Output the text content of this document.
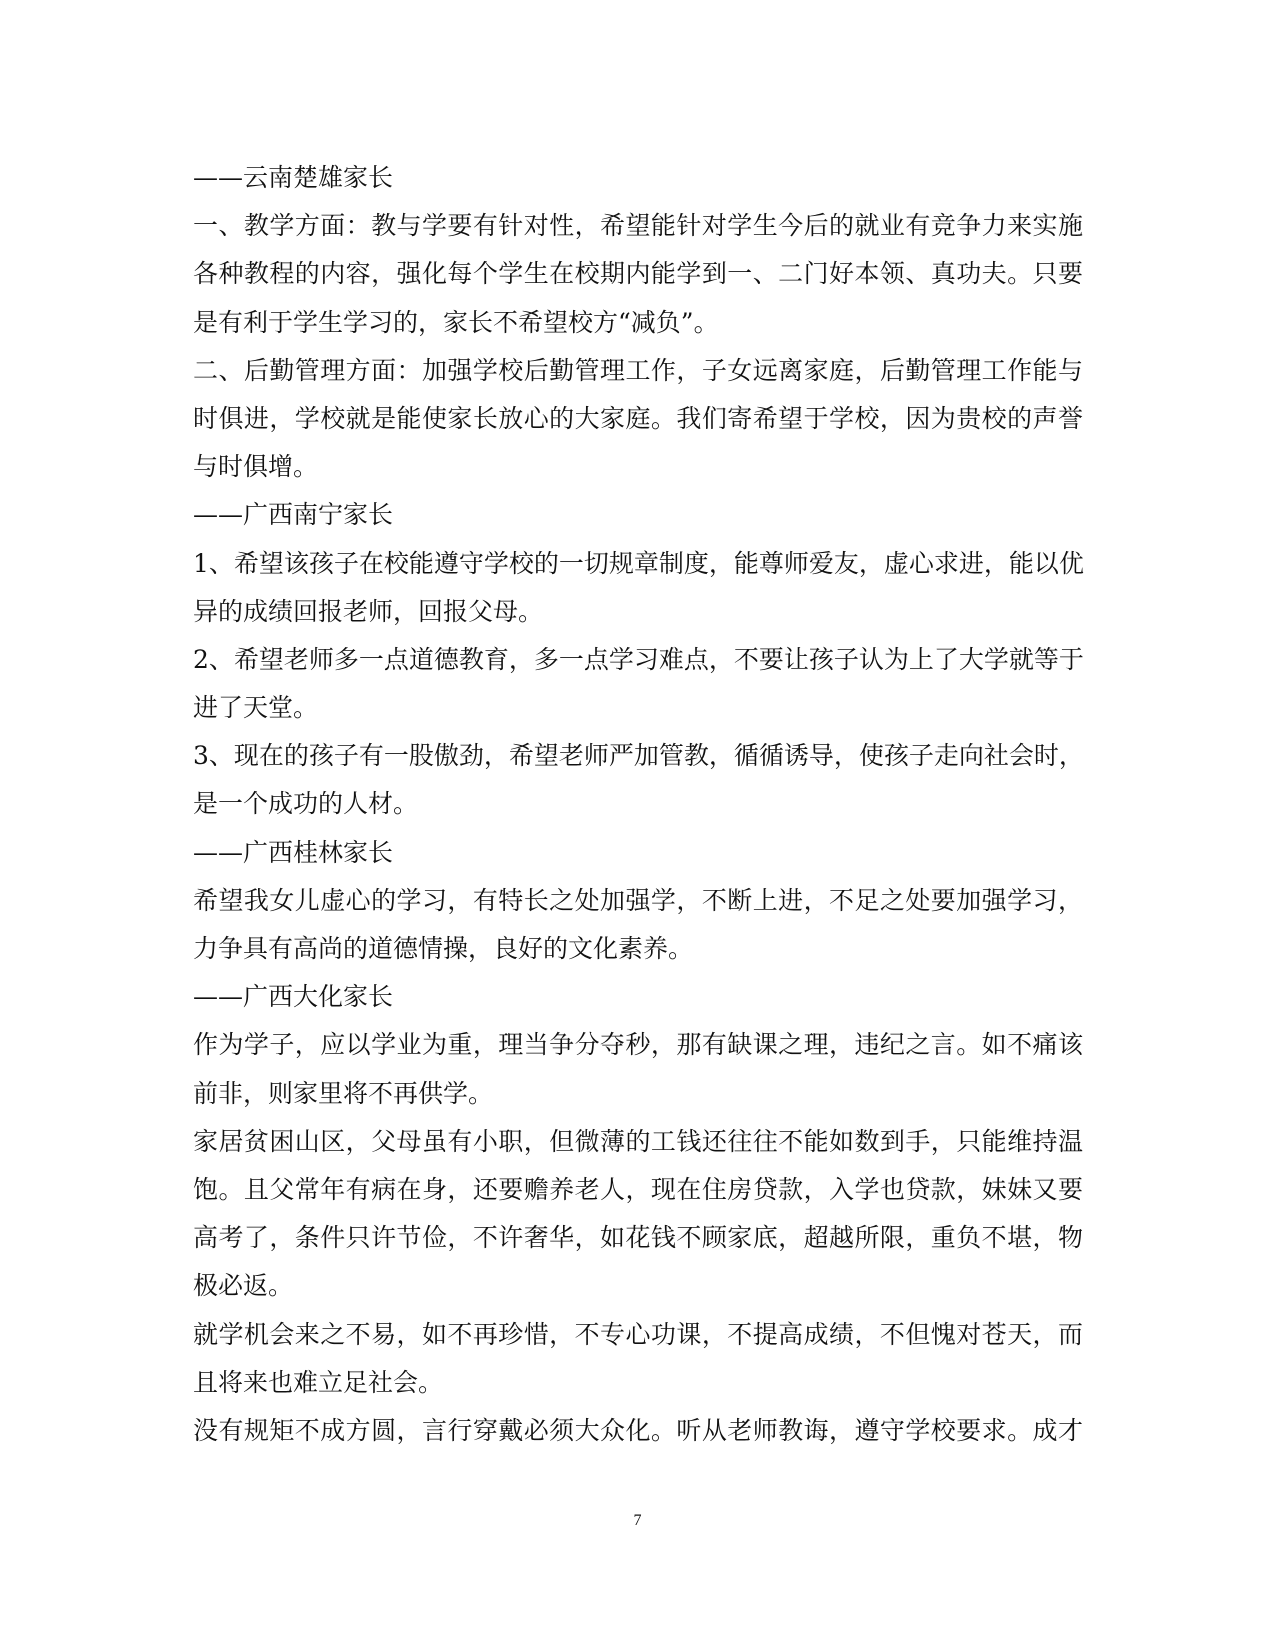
——云南楚雄家长
一、教学方面：教与学要有针对性，希望能针对学生今后的就业有竞争力来实施
各种教程的内容，强化每个学生在校期内能学到一、二门好本领、真功夫。只要
是有利于学生学习的，家长不希望校方“减负”。
二、后勤管理方面：加强学校后勤管理工作，子女远离家庭，后勤管理工作能与
时俱进，学校就是能使家长放心的大家庭。我们寄希望于学校，因为贵校的声誉
与时俱增。
——广西南宁家长
1、希望该孩子在校能遵守学校的一切规章制度，能尊师爱友，虚心求进，能以优
异的成绩回报老师，回报父母。
2、希望老师多一点道德教育，多一点学习难点，不要让孩子认为上了大学就等于
进了天堂。
3、现在的孩子有一股傲劲，希望老师严加管教，循循诱导，使孩子走向社会时，
是一个成功的人材。
——广西桂林家长
希望我女儿虚心的学习，有特长之处加强学，不断上进，不足之处要加强学习，
力争具有高尚的道德情操，良好的文化素养。
——广西大化家长
作为学子，应以学业为重，理当争分夺秒，那有缺课之理，违纪之言。如不痛该
前非，则家里将不再供学。
家居贫困山区，父母虽有小职，但微薄的工钱还往往不能如数到手，只能维持温
饱。且父常年有病在身，还要赡养老人，现在住房贷款，入学也贷款，妹妹又要
高考了，条件只许节俭，不许奢华，如花钱不顾家底，超越所限，重负不堪，物
极必返。
就学机会来之不易，如不再珍惜，不专心功课，不提高成绩，不但愧对苍天，而
且将来也难立足社会。
没有规矩不成方圆，言行穿戴必须大众化。听从老师教诲，遵守学校要求。成才
7
